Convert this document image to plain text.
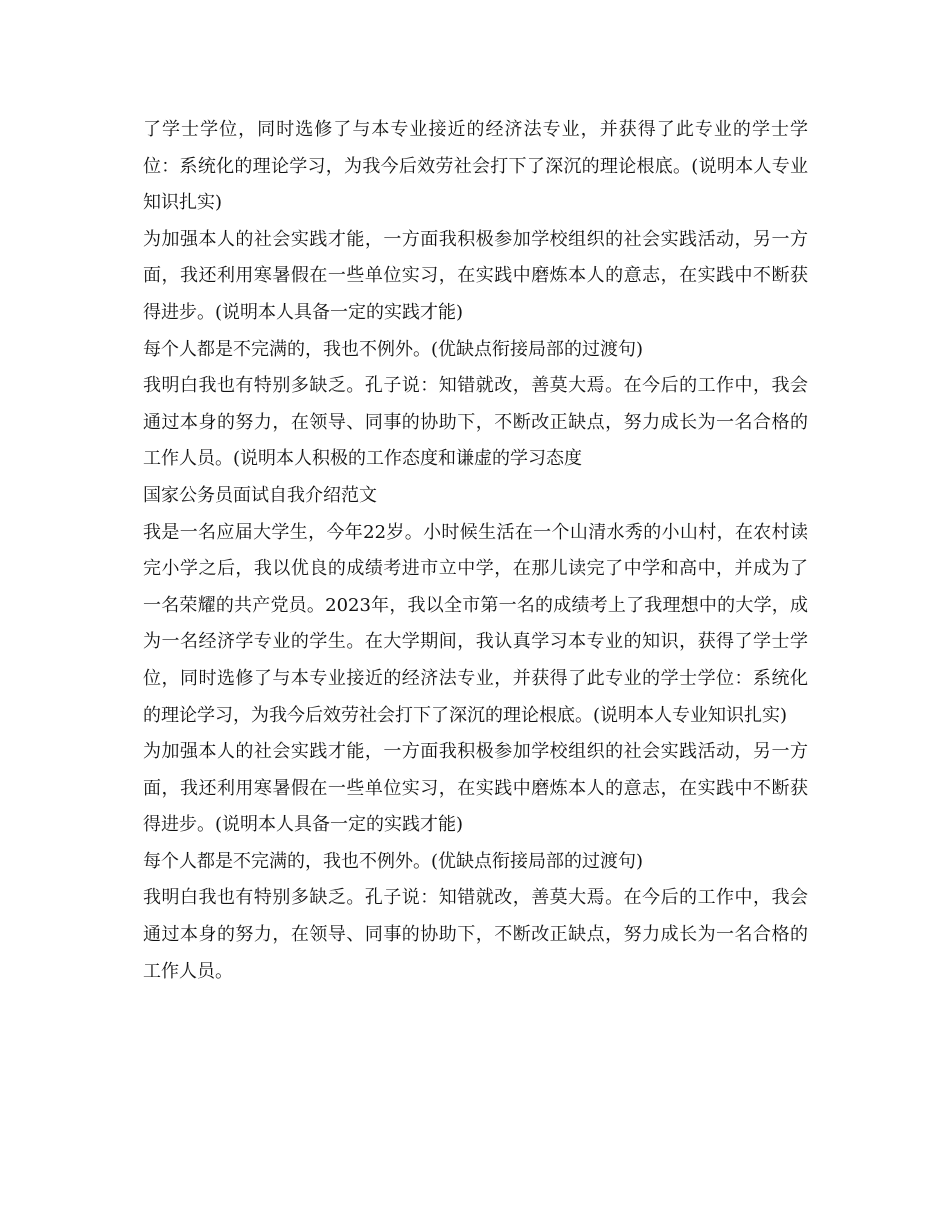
了学士学位，同时选修了与本专业接近的经济法专业，并获得了此专业的学士学位：系统化的理论学习，为我今后效劳社会打下了深沉的理论根底。(说明本人专业知识扎实)

为加强本人的社会实践才能，一方面我积极参加学校组织的社会实践活动，另一方面，我还利用寒暑假在一些单位实习，在实践中磨炼本人的意志，在实践中不断获得进步。(说明本人具备一定的实践才能)

每个人都是不完满的，我也不例外。(优缺点衔接局部的过渡句)

我明白我也有特别多缺乏。孔子说：知错就改，善莫大焉。在今后的工作中，我会通过本身的努力，在领导、同事的协助下，不断改正缺点，努力成长为一名合格的工作人员。(说明本人积极的工作态度和谦虚的学习态度

国家公务员面试自我介绍范文

我是一名应届大学生，今年22岁。小时候生活在一个山清水秀的小山村，在农村读完小学之后，我以优良的成绩考进市立中学，在那儿读完了中学和高中，并成为了一名荣耀的共产党员。2023年，我以全市第一名的成绩考上了我理想中的大学，成为一名经济学专业的学生。在大学期间，我认真学习本专业的知识，获得了学士学位，同时选修了与本专业接近的经济法专业，并获得了此专业的学士学位：系统化的理论学习，为我今后效劳社会打下了深沉的理论根底。(说明本人专业知识扎实)

为加强本人的社会实践才能，一方面我积极参加学校组织的社会实践活动，另一方面，我还利用寒暑假在一些单位实习，在实践中磨炼本人的意志，在实践中不断获得进步。(说明本人具备一定的实践才能)

每个人都是不完满的，我也不例外。(优缺点衔接局部的过渡句)

我明白我也有特别多缺乏。孔子说：知错就改，善莫大焉。在今后的工作中，我会通过本身的努力，在领导、同事的协助下，不断改正缺点，努力成长为一名合格的工作人员。
